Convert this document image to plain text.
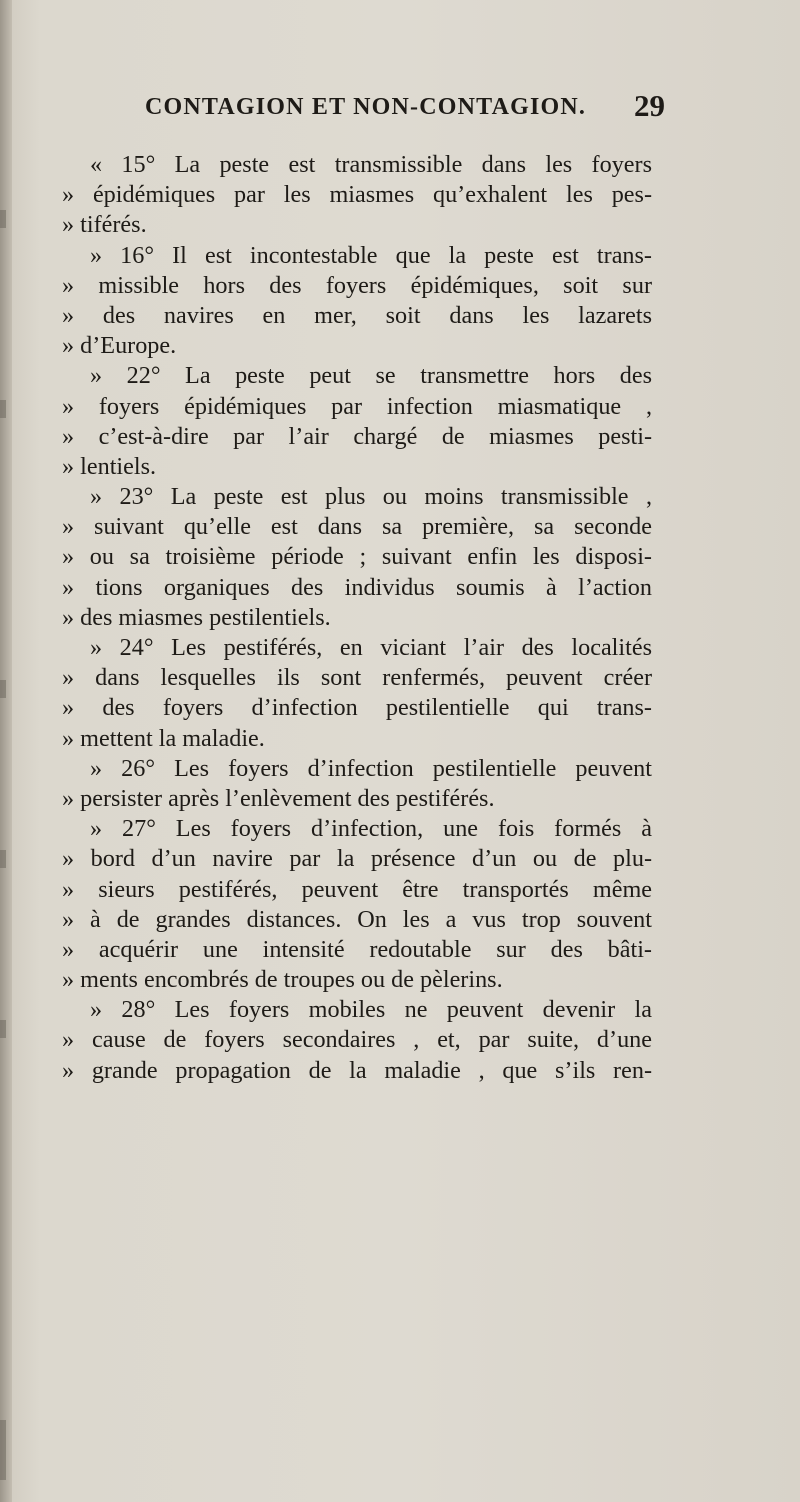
CONTAGION ET NON-CONTAGION. 29
« 15° La peste est transmissible dans les foyers
» épidémiques par les miasmes qu’exhalent les pes-
» tiférés.
» 16° Il est incontestable que la peste est trans-
» missible hors des foyers épidémiques, soit sur
» des navires en mer, soit dans les lazarets
» d’Europe.
» 22° La peste peut se transmettre hors des
» foyers épidémiques par infection miasmatique ,
» c’est-à-dire par l’air chargé de miasmes pesti-
» lentiels.
» 23° La peste est plus ou moins transmissible ,
» suivant qu’elle est dans sa première, sa seconde
» ou sa troisième période ; suivant enfin les disposi-
» tions organiques des individus soumis à l’action
» des miasmes pestilentiels.
» 24° Les pestiférés, en viciant l’air des localités
» dans lesquelles ils sont renfermés, peuvent créer
» des foyers d’infection pestilentielle qui trans-
» mettent la maladie.
» 26° Les foyers d’infection pestilentielle peuvent
» persister après l’enlèvement des pestiférés.
» 27° Les foyers d’infection, une fois formés à
» bord d’un navire par la présence d’un ou de plu-
» sieurs pestiférés, peuvent être transportés même
» à de grandes distances. On les a vus trop souvent
» acquérir une intensité redoutable sur des bâti-
» ments encombrés de troupes ou de pèlerins.
» 28° Les foyers mobiles ne peuvent devenir la
» cause de foyers secondaires , et, par suite, d’une
» grande propagation de la maladie , que s’ils ren-
